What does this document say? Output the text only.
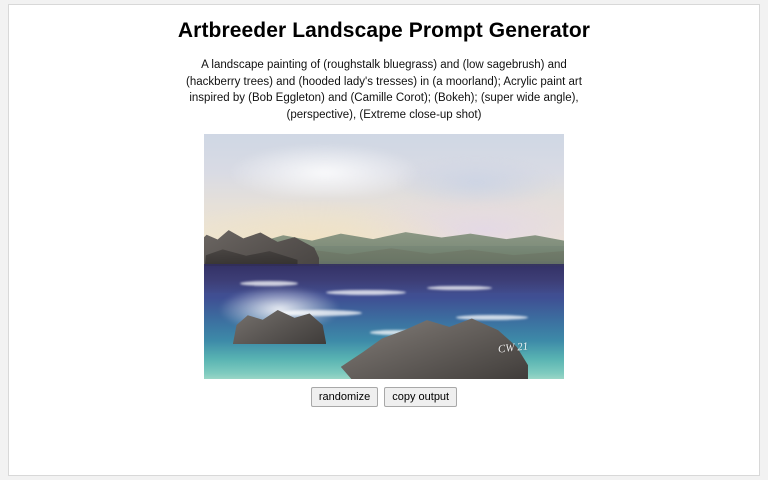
Artbreeder Landscape Prompt Generator

A landscape painting of (roughstalk bluegrass) and (low sagebrush) and (hackberry trees) and (hooded lady's tresses) in (a moorland); Acrylic paint art inspired by (Bob Eggleton) and (Camille Corot); (Bokeh); (super wide angle), (perspective), (Extreme close-up shot)

CW 21
randomize	copy output
